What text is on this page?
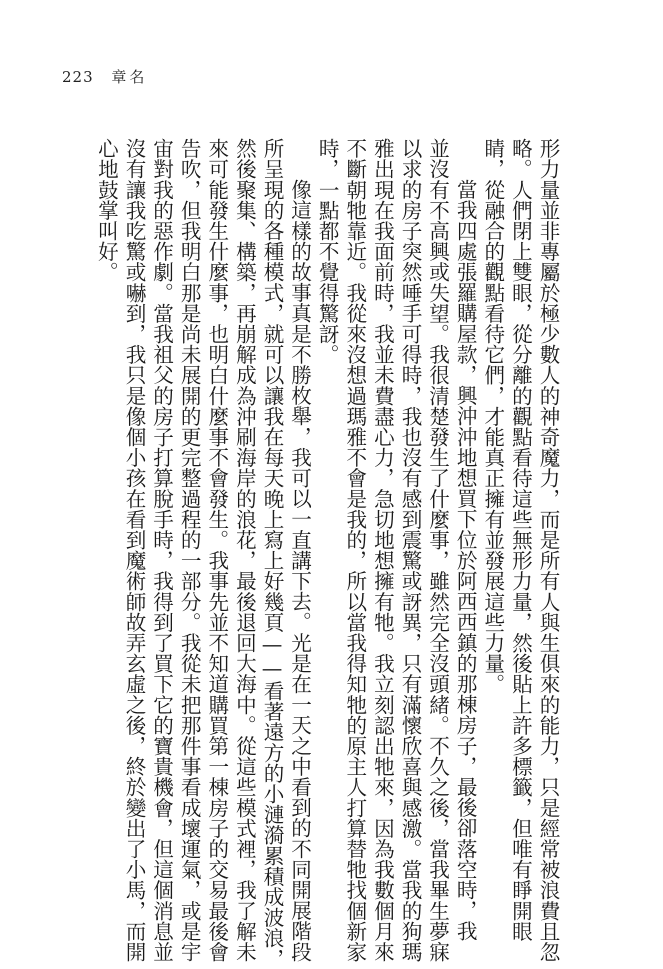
223 章名
形力量並非專屬於極少數人的神奇魔力，而是所有人與生俱來的能力，只是經常被浪費且忽
略。人們閉上雙眼，從分離的觀點看待這些無形力量，然後貼上許多標籤，但唯有睜開眼
睛，從融合的觀點看待它們，才能真正擁有並發展這些力量。
當我四處張羅購屋款，興沖沖地想買下位於阿西西鎮的那棟房子，最後卻落空時，我
並沒有不高興或失望。我很清楚發生了什麼事，雖然完全沒頭緒。不久之後，當我畢生夢寐
以求的房子突然唾手可得時，我也沒有感到震驚或訝異，只有滿懷欣喜與感激。當我的狗瑪
雅出現在我面前時，我並未費盡心力，急切地想擁有牠。我立刻認出牠來，因為我數個月來
不斷朝牠靠近。我從來沒想過瑪雅不會是我的，所以當我得知牠的原主人打算替牠找個新家
時，一點都不覺得驚訝。
像這樣的故事真是不勝枚舉，我可以一直講下去。光是在一天之中看到的不同開展階段
所呈現的各種模式，就可以讓我在每天晚上寫上好幾頁——看著遠方的小漣漪累積成波浪，
然後聚集、構築，再崩解成為沖刷海岸的浪花，最後退回大海中。從這些模式裡，我了解未
來可能發生什麼事，也明白什麼事不會發生。我事先並不知道購買第一棟房子的交易最後會
告吹，但我明白那是尚未展開的更完整過程的一部分。我從未把那件事看成壞運氣，或是宇
宙對我的惡作劇。當我祖父的房子打算脫手時，我得到了買下它的寶貴機會，但這個消息並
沒有讓我吃驚或嚇到，我只是像個小孩在看到魔術師故弄玄虛之後，終於變出了小馬，而開
心地鼓掌叫好。
